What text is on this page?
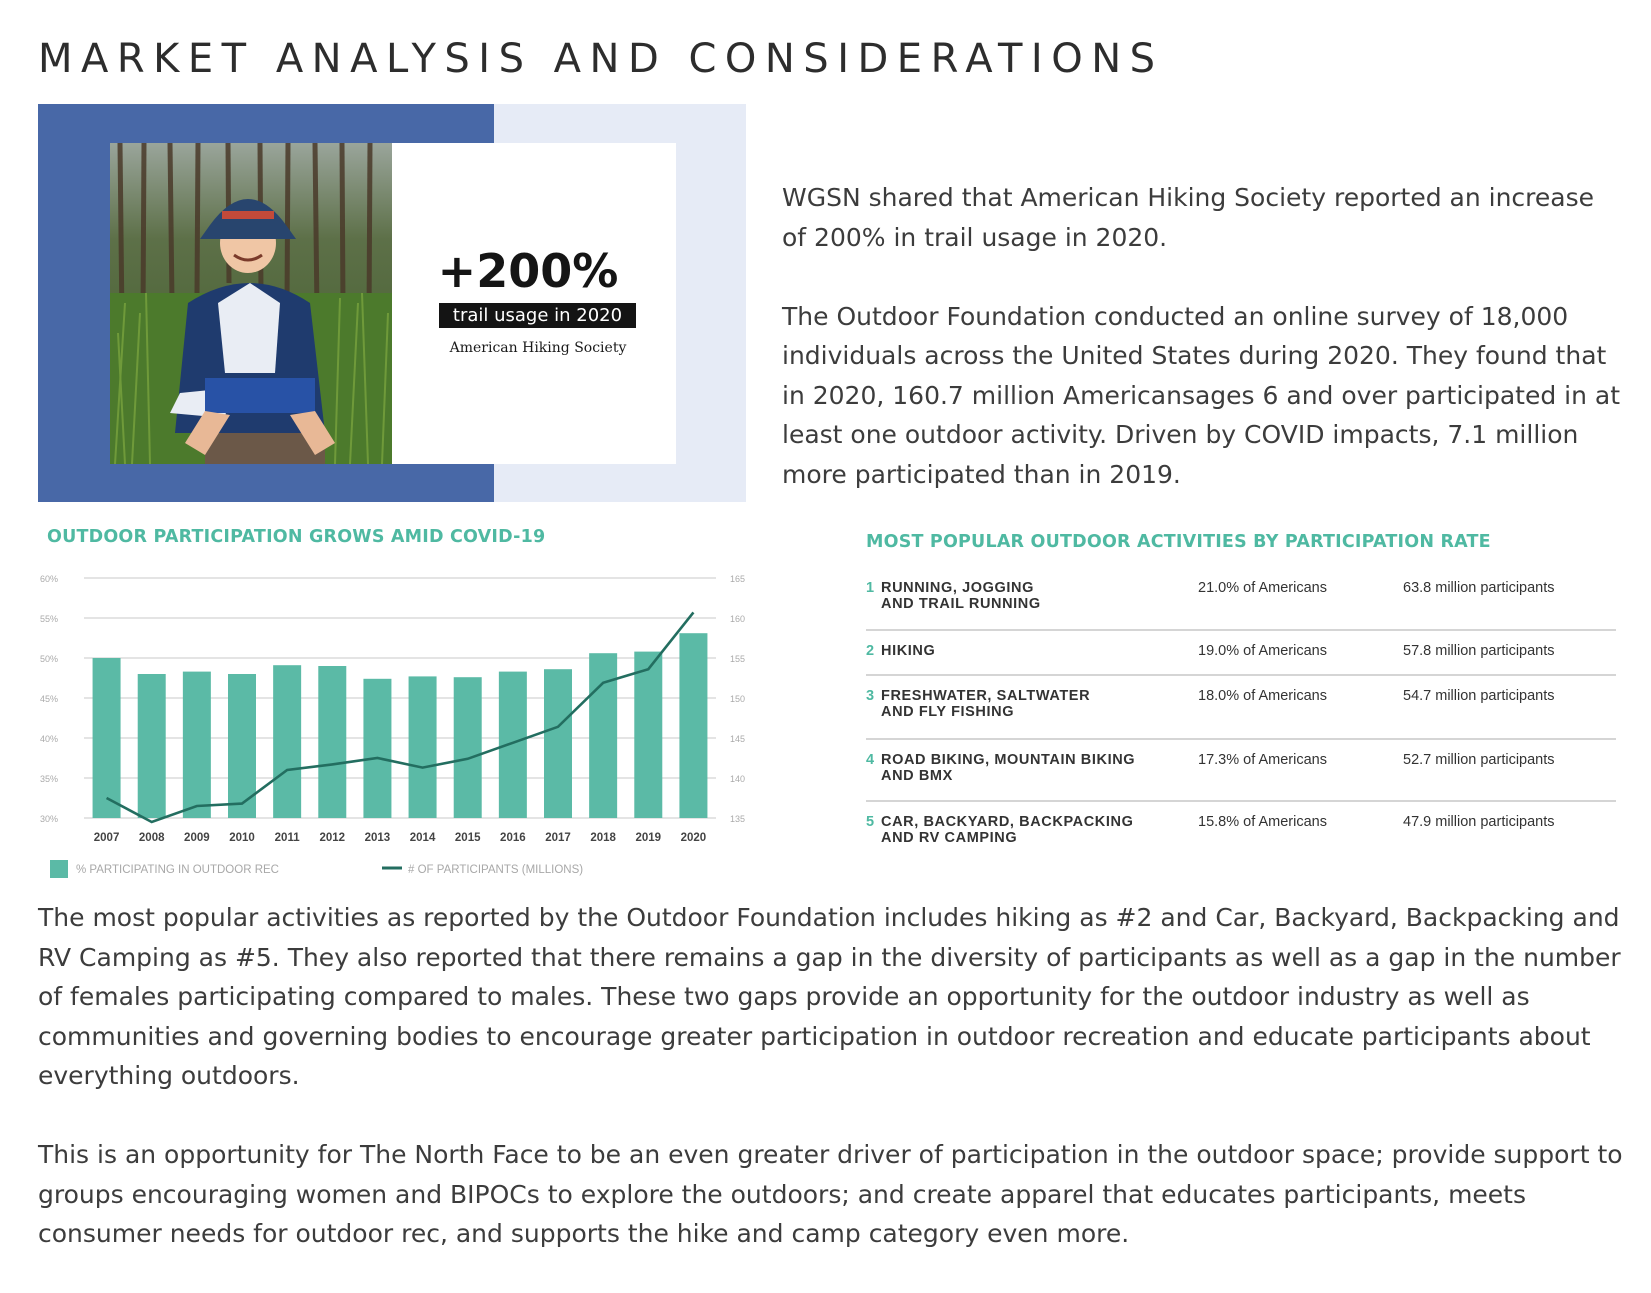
MARKET ANALYSIS AND CONSIDERATIONS
+200%
trail usage in 2020
American Hiking Society

WGSN shared that American Hiking Society reported an increase of 200% in trail usage in 2020.

The Outdoor Foundation conducted an online survey of 18,000 individuals across the United States during 2020. They found that in 2020, 160.7 million Americansages 6 and over participated in at least one outdoor activity. Driven by COVID impacts, 7.1 million more participated than in 2019.

OUTDOOR PARTICIPATION GROWS AMID COVID-19
30%	135
35%	140
40%	145
45%	150
50%	155
55%	160
60%	165
2007 2008 2009 2010 2011 2012 2013 2014 2015 2016 2017 2018 2019 2020
% PARTICIPATING IN OUTDOOR REC	# OF PARTICIPANTS (MILLIONS)
MOST POPULAR OUTDOOR ACTIVITIES BY PARTICIPATION RATE
1 RUNNING, JOGGING
AND TRAIL RUNNING
21.0% of Americans	63.8 million participants
2 HIKING	19.0% of Americans	57.8 million participants
3 FRESHWATER, SALTWATER
AND FLY FISHING
18.0% of Americans	54.7 million participants
4 ROAD BIKING, MOUNTAIN BIKING
AND BMX
17.3% of Americans	52.7 million participants
5 CAR, BACKYARD, BACKPACKING
AND RV CAMPING
15.8% of Americans	47.9 million participants

The most popular activities as reported by the Outdoor Foundation includes hiking as #2 and Car, Backyard, Backpacking and RV Camping as #5. They also reported that there remains a gap in the diversity of participants as well as a gap in the number of females participating compared to males. These two gaps provide an opportunity for the outdoor industry as well as communities and governing bodies to encourage greater participation in outdoor recreation and educate participants about everything outdoors.

This is an opportunity for The North Face to be an even greater driver of participation in the outdoor space; provide support to groups encouraging women and BIPOCs to explore the outdoors; and create apparel that educates participants, meets consumer needs for outdoor rec, and supports the hike and camp category even more.
